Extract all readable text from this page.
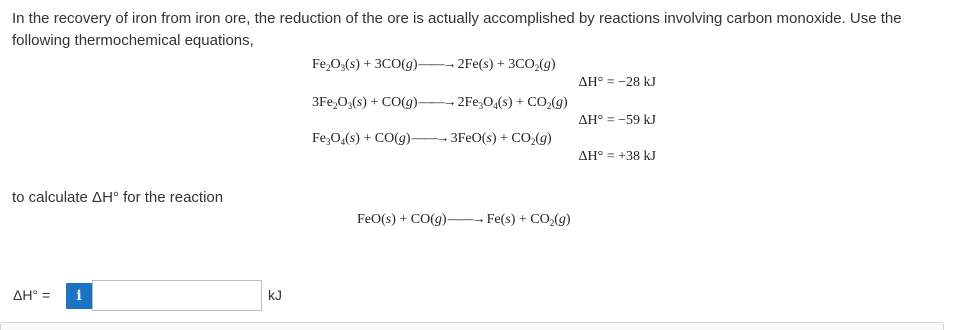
In the recovery of iron from iron ore, the reduction of the ore is actually accomplished by reactions involving carbon monoxide. Use the following thermochemical equations,

$Fe_2O_3(s)$ + 3CO(g)——→ $2Fe(s) + 3CO_2(g)$
ΔH° = −28 kJ
$3Fe_2O_3(s)$ + CO(g)——→ $2Fe_3O_4(s) + CO_2(g)$
ΔH° = −59 kJ
$Fe_3O_4(s)$ + CO(g)——→ $3FeO(s) + CO_2(g)$
ΔH° = +38 kJ

to calculate ΔH° for the reaction

FeO(s) + CO(g)——→ $Fe(s) + CO_2(g)$
ΔH° =	i	kJ
